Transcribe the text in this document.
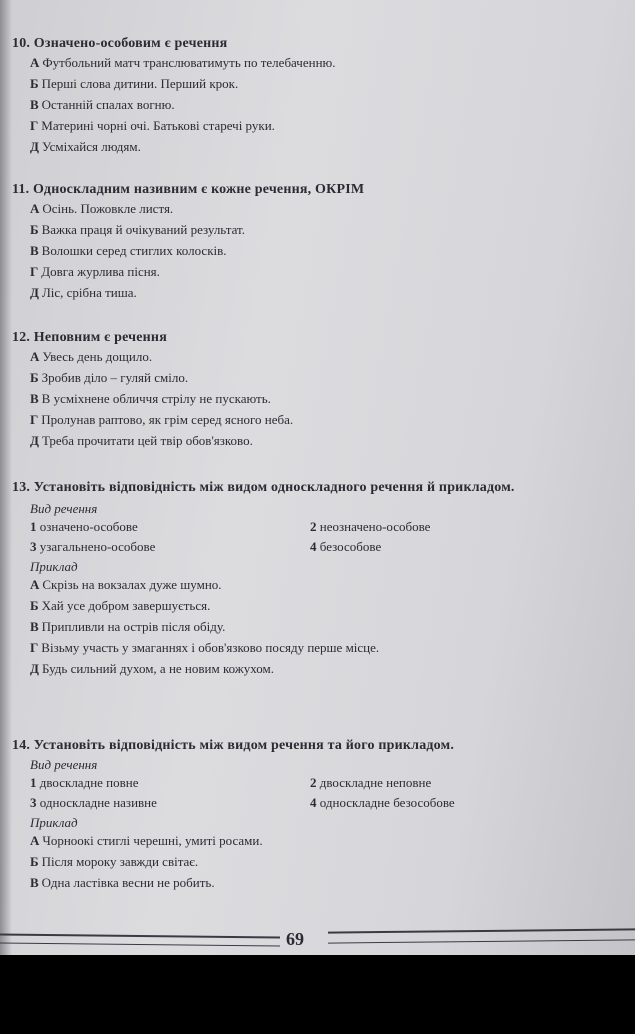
10. Означено-особовим є речення
А Футбольний матч транслюватимуть по телебаченню.
Б Перші слова дитини. Перший крок.
В Останній спалах вогню.
Г Материні чорні очі. Батькові старечі руки.
Д Усміхайся людям.
11. Односкладним називним є кожне речення, ОКРІМ
А Осінь. Пожовкле листя.
Б Важка праця й очікуваний результат.
В Волошки серед стиглих колосків.
Г Довга журлива пісня.
Д Ліс, срібна тиша.
12. Неповним є речення
А Увесь день дощило.
Б Зробив діло – гуляй сміло.
В В усміхнене обличчя стрілу не пускають.
Г Пролунав раптово, як грім серед ясного неба.
Д Треба прочитати цей твір обов'язково.
13. Установіть відповідність між видом односкладного речення й прикладом.
Вид речення
1 означено-особове	2 неозначено-особове
3 узагальнено-особове	4 безособове
Приклад
А Скрізь на вокзалах дуже шумно.
Б Хай усе добром завершується.
В Припливли на острів після обіду.
Г Візьму участь у змаганнях і обов'язково посяду перше місце.
Д Будь сильний духом, а не новим кожухом.
14. Установіть відповідність між видом речення та його прикладом.
Вид речення
1 двоскладне повне	2 двоскладне неповне
3 односкладне називне	4 односкладне безособове
Приклад
А Чорноокі стиглі черешні, умиті росами.
Б Після мороку завжди світає.
В Одна ластівка весни не робить.
69
